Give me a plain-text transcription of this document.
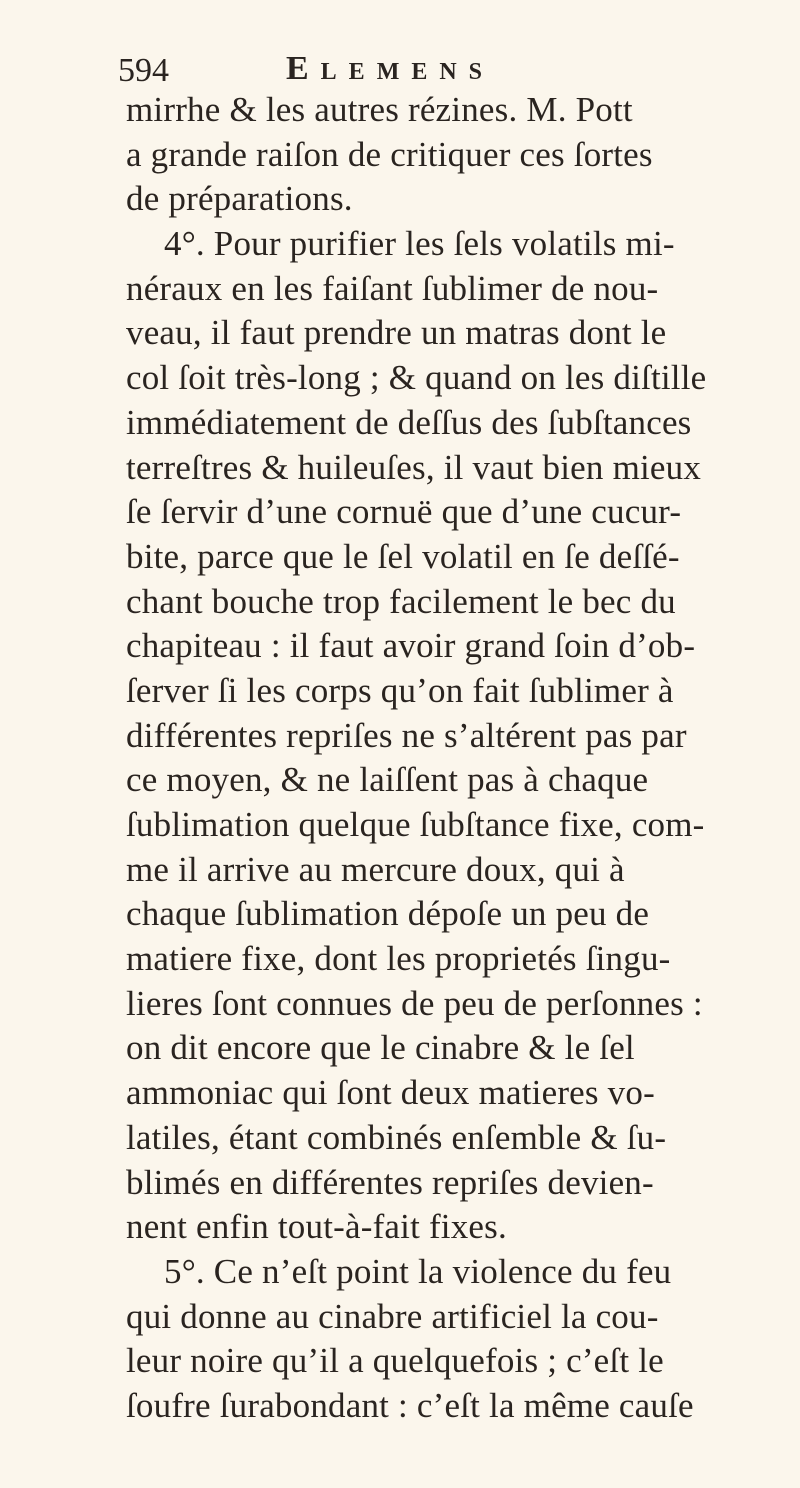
594	Elemens
mirrhe & les autres rézines. M. Pott
a grande raiſon de critiquer ces ſortes
de préparations.
4°. Pour purifier les ſels volatils mi-
néraux en les faiſant ſublimer de nou-
veau, il faut prendre un matras dont le
col ſoit très-long ; & quand on les diſtille
immédiatement de deſſus des ſubſtances
terreſtres & huileuſes, il vaut bien mieux
ſe ſervir d’une cornuë que d’une cucur-
bite, parce que le ſel volatil en ſe deſſé-
chant bouche trop facilement le bec du
chapiteau : il faut avoir grand ſoin d’ob-
ſerver ſi les corps qu’on fait ſublimer à
différentes repriſes ne s’altérent pas par
ce moyen, & ne laiſſent pas à chaque
ſublimation quelque ſubſtance fixe, com-
me il arrive au mercure doux, qui à
chaque ſublimation dépoſe un peu de
matiere fixe, dont les proprietés ſingu-
lieres ſont connues de peu de perſonnes :
on dit encore que le cinabre & le ſel
ammoniac qui ſont deux matieres vo-
latiles, étant combinés enſemble & ſu-
blimés en différentes repriſes devien-
nent enfin tout-à-fait fixes.
5°. Ce n’eſt point la violence du feu
qui donne au cinabre artificiel la cou-
leur noire qu’il a quelquefois ; c’eſt le
ſoufre ſurabondant : c’eſt la même cauſe
